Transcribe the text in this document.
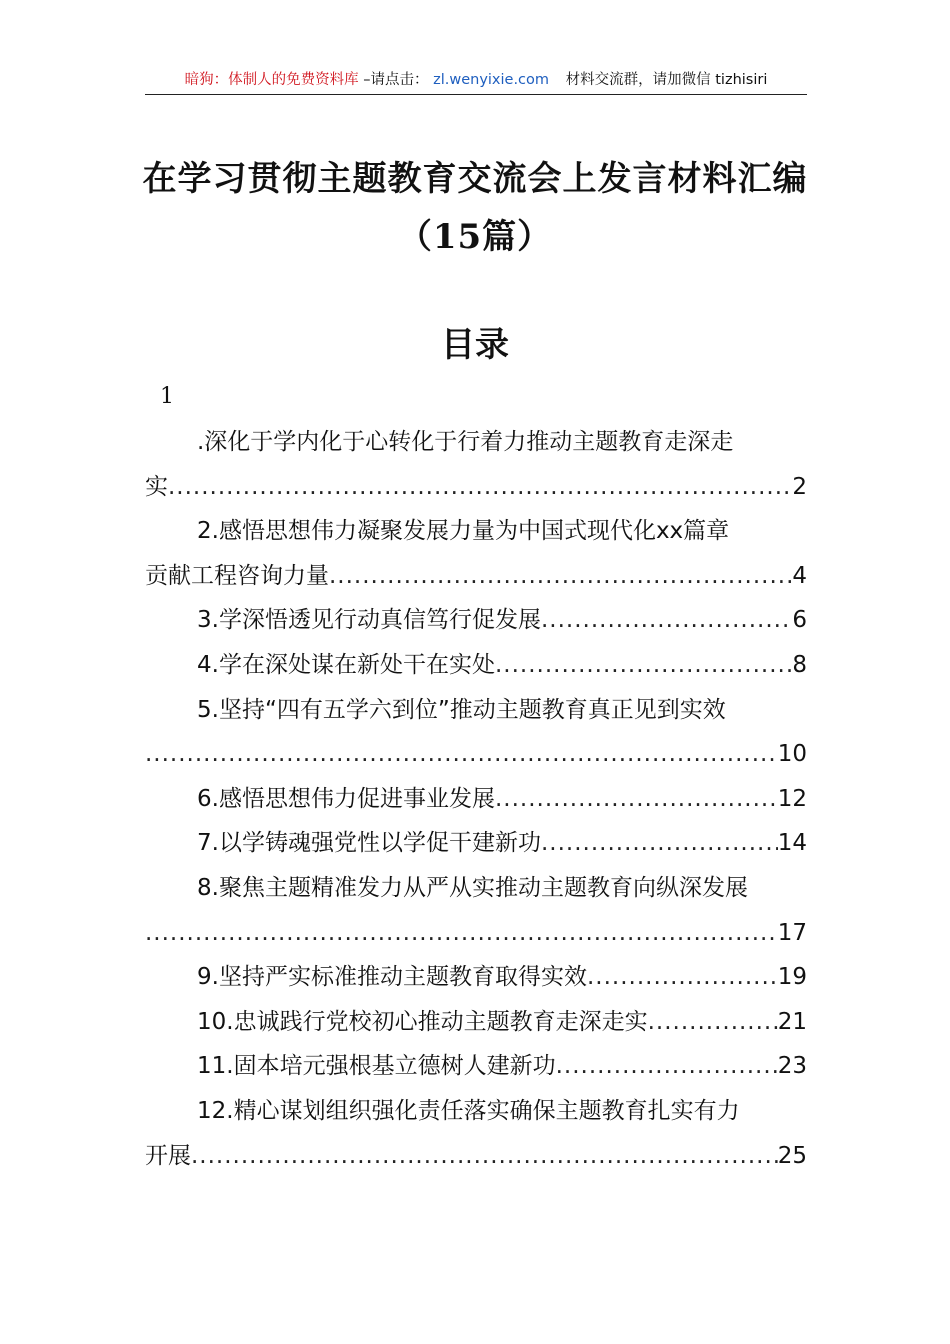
暗狗：体制人的免费资料库 –请点击： zl.wenyixie.com 材料交流群，请加微信 tizhisiri
在学习贯彻主题教育交流会上发言材料汇编（15篇）
目录
1
.深化于学内化于心转化于行着力推动主题教育走深走
实 .....	2
2.感悟思想伟力凝聚发展力量为中国式现代化xx篇章
贡献工程咨询力量 .....	4
3.学深悟透见行动真信笃行促发展 .....	6
4.学在深处谋在新处干在实处 .....	8
5.坚持“四有五学六到位”推动主题教育真正见到实效
.....
10
6.感悟思想伟力促进事业发展 .....	12
7.以学铸魂强党性以学促干建新功 .....	14
8.聚焦主题精准发力从严从实推动主题教育向纵深发展
.....
17
9.坚持严实标准推动主题教育取得实效 .....	19
10.忠诚践行党校初心推动主题教育走深走实 .....	21
11.固本培元强根基立德树人建新功 .....	23
12.精心谋划组织强化责任落实确保主题教育扎实有力
开展 .....	25
